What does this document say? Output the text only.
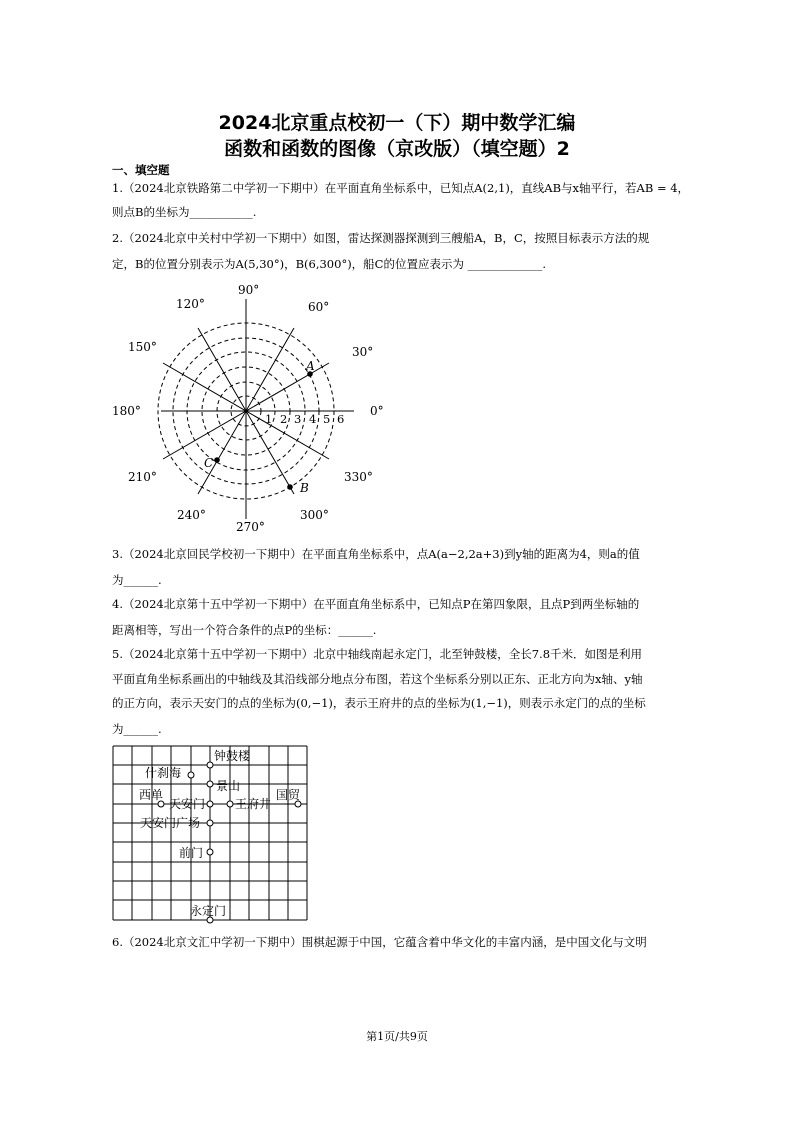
2024北京重点校初一（下）期中数学汇编
函数和函数的图像（京改版）（填空题）2
一、填空题
1.（2024北京铁路第二中学初一下期中）在平面直角坐标系中，已知点A(2,1)，直线AB与x轴平行，若AB = 4，
则点B的坐标为___________.
2.（2024北京中关村中学初一下期中）如图，雷达探测器探测到三艘船A，B，C，按照目标表示方法的规
定，B的位置分别表示为A(5,30°)，B(6,300°)，船C的位置应表示为 _____________.
90°
60°
120°
30°
150°
180°	0°
210°	330°
240°	300°
270°
1 2 3 4 5 6
A
B
C
3.（2024北京回民学校初一下期中）在平面直角坐标系中，点A(a−2,2a+3)到y轴的距离为4，则a的值
为______.
4.（2024北京第十五中学初一下期中）在平面直角坐标系中，已知点P在第四象限，且点P到两坐标轴的
距离相等，写出一个符合条件的点P的坐标：______.
5.（2024北京第十五中学初一下期中）北京中轴线南起永定门，北至钟鼓楼，全长7.8千米．如图是利用
平面直角坐标系画出的中轴线及其沿线部分地点分布图，若这个坐标系分别以正东、正北方向为x轴、y轴
的正方向，表示天安门的点的坐标为(0,−1)，表示王府井的点的坐标为(1,−1)，则表示永定门的点的坐标
为______.
钟鼓楼
什刹海
景山
西单
天安门 王府井
国贸
天安门广场
前门
永定门
6.（2024北京文汇中学初一下期中）围棋起源于中国，它蕴含着中华文化的丰富内涵，是中国文化与文明
第1页/共9页
